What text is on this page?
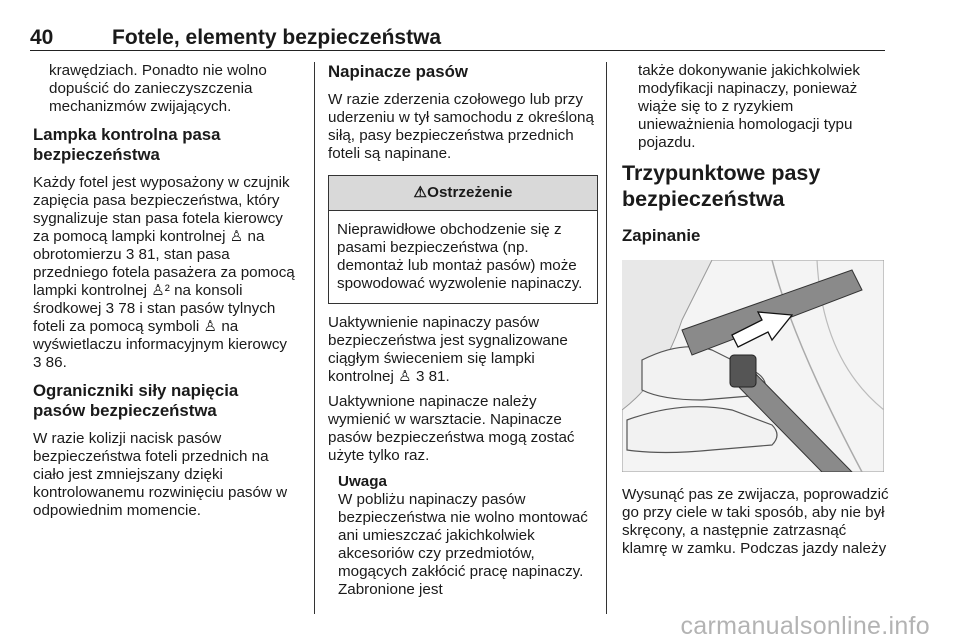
40	Fotele, elementy bezpieczeństwa

krawędziach. Ponadto nie wolno dopuścić do zanieczyszczenia mechanizmów zwijających.

Lampka kontrolna pasa bezpieczeństwa

Każdy fotel jest wyposażony w czujnik zapięcia pasa bezpieczeństwa, który sygnalizuje stan pasa fotela kierowcy za pomocą lampki kontrolnej ♙ na obrotomierzu 3 81, stan pasa przedniego fotela pasażera za pomocą lampki kontrolnej ♙² na konsoli środkowej 3 78 i stan pasów tylnych foteli za pomocą symboli ♙ na wyświetlaczu informacyjnym kierowcy 3 86.

Ograniczniki siły napięcia pasów bezpieczeństwa

W razie kolizji nacisk pasów bezpieczeństwa foteli przednich na ciało jest zmniejszany dzięki kontrolowanemu rozwinięciu pasów w odpowiednim momencie.

Napinacze pasów

W razie zderzenia czołowego lub przy uderzeniu w tył samochodu z określoną siłą, pasy bezpieczeństwa przednich foteli są napinane.

⚠Ostrzeżenie

Nieprawidłowe obchodzenie się z pasami bezpieczeństwa (np. demontaż lub montaż pasów) może spowodować wyzwolenie napinaczy.

Uaktywnienie napinaczy pasów bezpieczeństwa jest sygnalizowane ciągłym świeceniem się lampki kontrolnej ♙ 3 81.

Uaktywnione napinacze należy wymienić w warsztacie. Napinacze pasów bezpieczeństwa mogą zostać użyte tylko raz.

Uwaga

W pobliżu napinaczy pasów bezpieczeństwa nie wolno montować ani umieszczać jakichkolwiek akcesoriów czy przedmiotów, mogących zakłócić pracę napinaczy. Zabronione jest

także dokonywanie jakichkolwiek modyfikacji napinaczy, ponieważ wiąże się to z ryzykiem unieważnienia homologacji typu pojazdu.

Trzypunktowe pasy bezpieczeństwa
Zapinanie

Wysunąć pas ze zwijacza, poprowadzić go przy ciele w taki sposób, aby nie był skręcony, a następnie zatrzasnąć klamrę w zamku. Podczas jazdy należy

carmanualsonline.info
